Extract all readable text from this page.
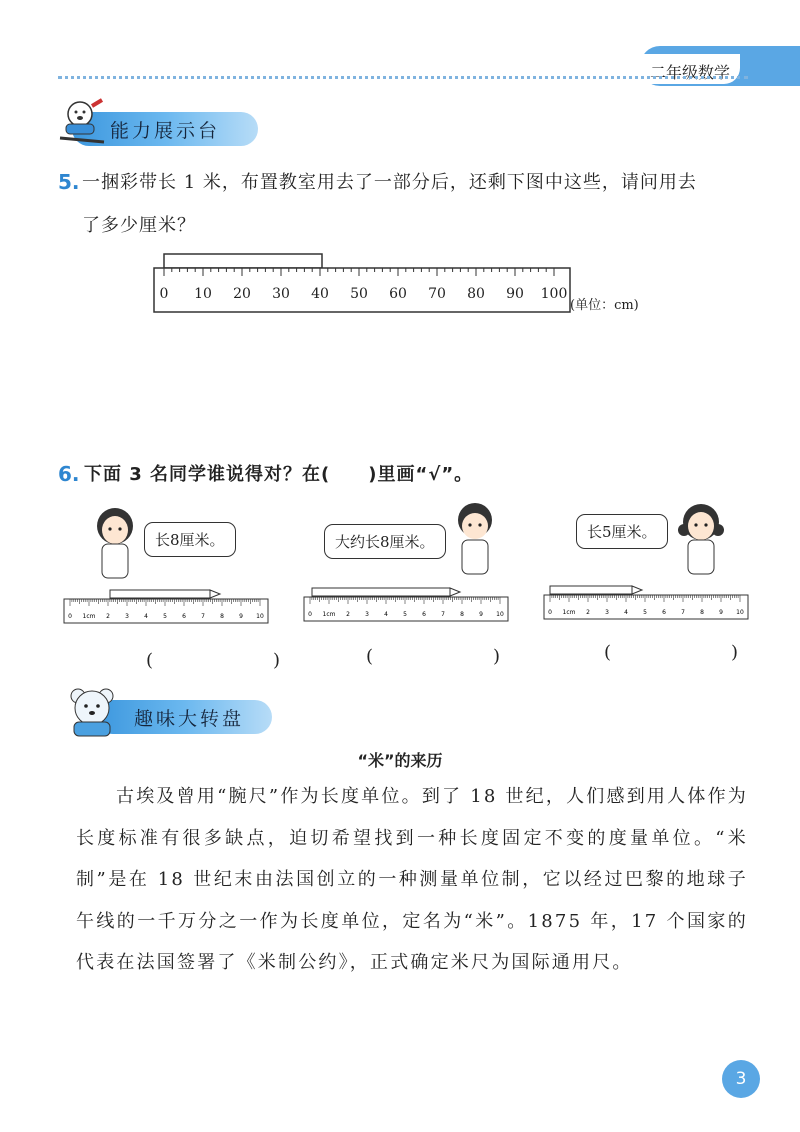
二年级数学
能力展示台
5. 一捆彩带长 1 米，布置教室用去了一部分后，还剩下图中这些，请问用去
了多少厘米？
0 10 20 30 40 50 60 70 80 90 100
(单位：cm)
6. 下面 3 名同学谁说得对？在(　　)里画“√”。
长8厘米。	大约长8厘米。
长5厘米。
0 1cm 2	3	4	5	6	7	8	9 10	0 1cm 2	3	4	5	6	7	8	9 10	0 1cm 2	3	4	5	6	7	8	9 10
(　　)	(　　)	(　　)
趣味大转盘
“米”的来历
古埃及曾用“腕尺”作为长度单位。到了 18 世纪，人们感到用人体作为长度标准有很多缺点，迫切希望找到一种长度固定不变的度量单位。“米制”是在 18 世纪末由法国创立的一种测量单位制，它以经过巴黎的地球子午线的一千万分之一作为长度单位，定名为“米”。1875 年，17 个国家的代表在法国签署了《米制公约》，正式确定米尺为国际通用尺。
3
